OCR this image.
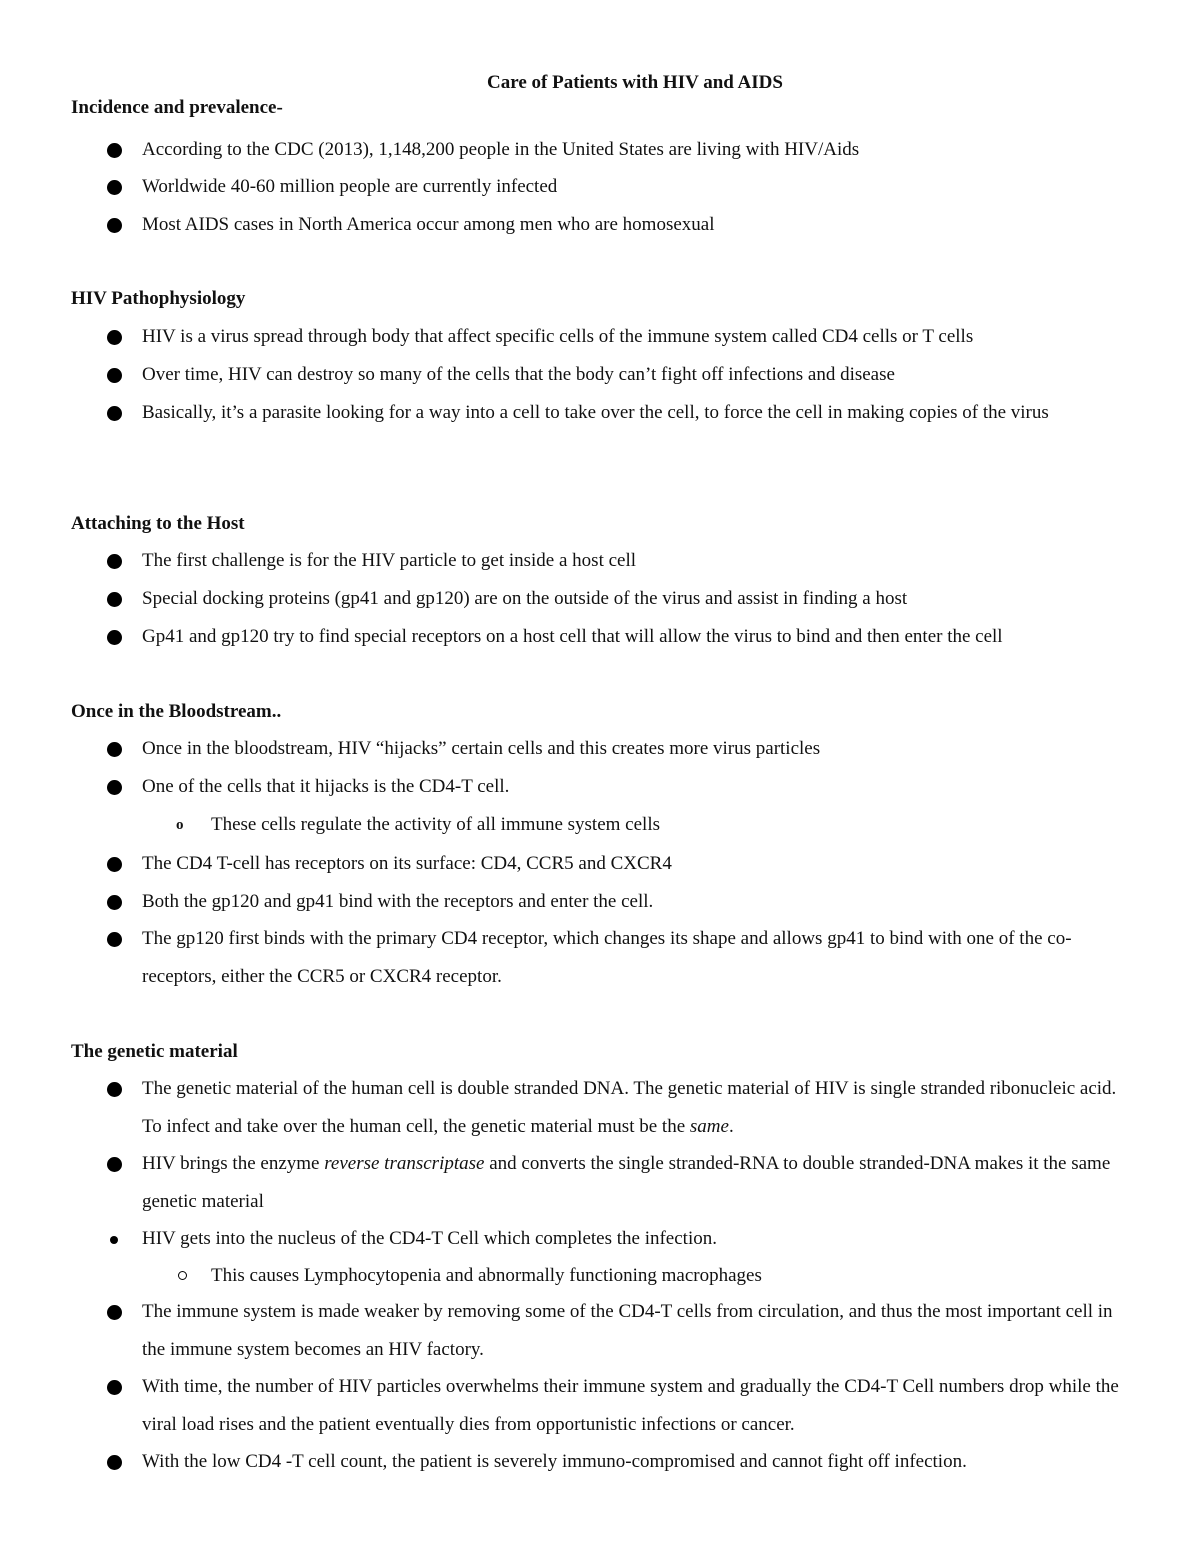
Care of Patients with HIV and AIDS
Incidence and prevalence-
According to the CDC (2013), 1,148,200 people in the United States are living with HIV/Aids
Worldwide 40-60 million people are currently infected
Most AIDS cases in North America occur among men who are homosexual
HIV Pathophysiology
HIV is a virus spread through body that affect specific cells of the immune system called CD4 cells or T cells
Over time, HIV can destroy so many of the cells that the body can’t fight off infections and disease
Basically, it’s a parasite looking for a way into a cell to take over the cell, to force the cell in making copies of the virus
Attaching to the Host
The first challenge is for the HIV particle to get inside a host cell
Special docking proteins (gp41 and gp120) are on the outside of the virus and assist in finding a host
Gp41 and gp120 try to find special receptors on a host cell that will allow the virus to bind and then enter the cell
Once in the Bloodstream..
Once in the bloodstream, HIV “hijacks” certain cells and this creates more virus particles
One of the cells that it hijacks is the CD4-T cell.
o These cells regulate the activity of all immune system cells
The CD4 T-cell has receptors on its surface: CD4, CCR5 and CXCR4
Both the gp120 and gp41 bind with the receptors and enter the cell.
The gp120 first binds with the primary CD4 receptor, which changes its shape and allows gp41 to bind with one of the co-receptors, either the CCR5 or CXCR4 receptor.
The genetic material
The genetic material of the human cell is double stranded DNA. The genetic material of HIV is single stranded ribonucleic acid. To infect and take over the human cell, the genetic material must be the same.
HIV brings the enzyme reverse transcriptase and converts the single stranded-RNA to double stranded-DNA makes it the same genetic material
HIV gets into the nucleus of the CD4-T Cell which completes the infection.
This causes Lymphocytopenia and abnormally functioning macrophages
The immune system is made weaker by removing some of the CD4-T cells from circulation, and thus the most important cell in the immune system becomes an HIV factory.
With time, the number of HIV particles overwhelms their immune system and gradually the CD4-T Cell numbers drop while the viral load rises and the patient eventually dies from opportunistic infections or cancer.
With the low CD4 -T cell count, the patient is severely immuno-compromised and cannot fight off infection.
